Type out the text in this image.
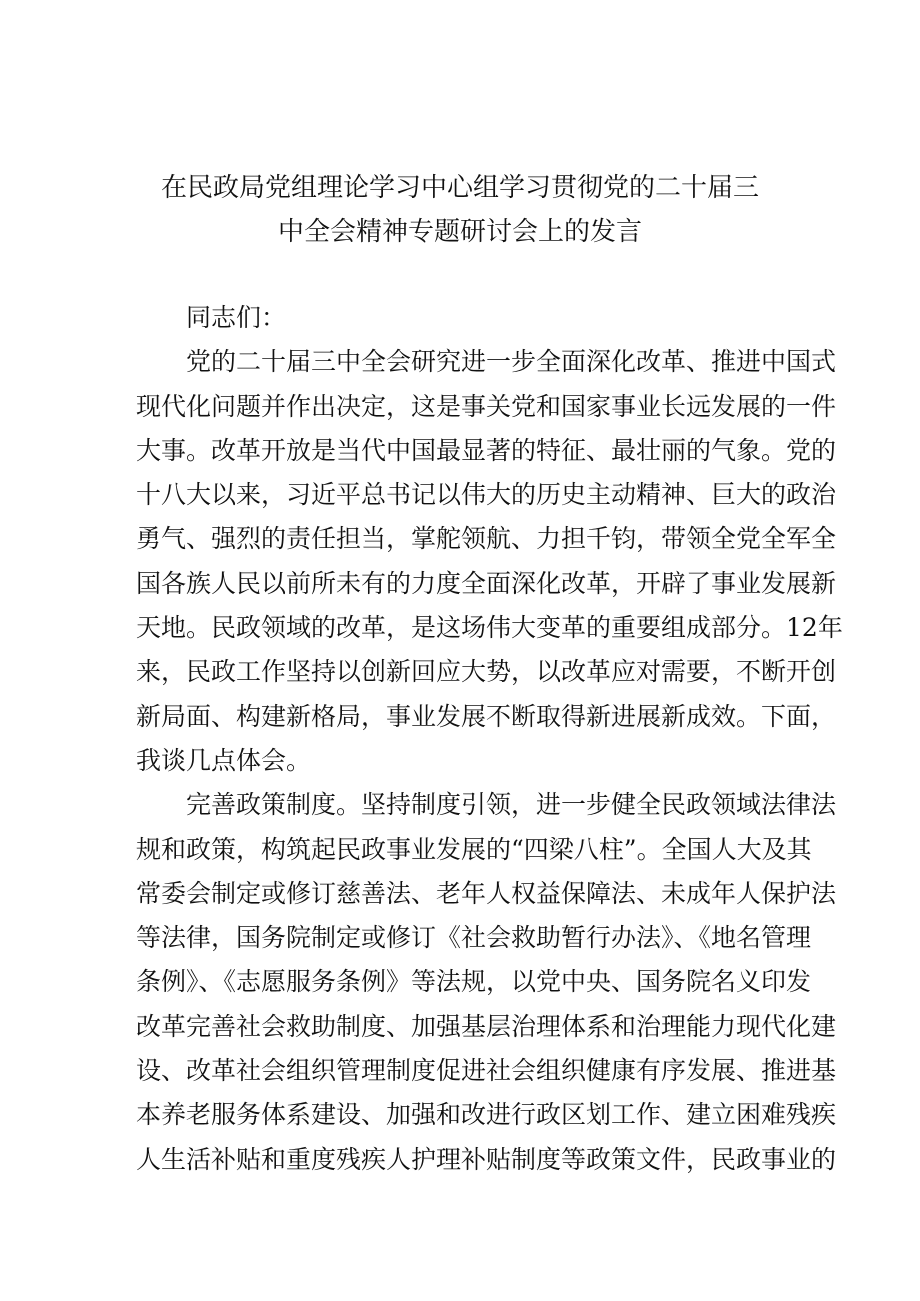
在民政局党组理论学习中心组学习贯彻党的二十届三
中全会精神专题研讨会上的发言
同志们：
党的二十届三中全会研究进一步全面深化改革、推进中国式
现代化问题并作出决定，这是事关党和国家事业长远发展的一件
大事。改革开放是当代中国最显著的特征、最壮丽的气象。党的
十八大以来，习近平总书记以伟大的历史主动精神、巨大的政治
勇气、强烈的责任担当，掌舵领航、力担千钧，带领全党全军全
国各族人民以前所未有的力度全面深化改革，开辟了事业发展新
天地。民政领域的改革，是这场伟大变革的重要组成部分。12年
来，民政工作坚持以创新回应大势，以改革应对需要，不断开创
新局面、构建新格局，事业发展不断取得新进展新成效。下面，
我谈几点体会。
完善政策制度。坚持制度引领，进一步健全民政领域法律法
规和政策，构筑起民政事业发展的“四梁八柱”。全国人大及其
常委会制定或修订慈善法、老年人权益保障法、未成年人保护法
等法律，国务院制定或修订《社会救助暂行办法》、《地名管理
条例》、《志愿服务条例》等法规，以党中央、国务院名义印发
改革完善社会救助制度、加强基层治理体系和治理能力现代化建
设、改革社会组织管理制度促进社会组织健康有序发展、推进基
本养老服务体系建设、加强和改进行政区划工作、建立困难残疾
人生活补贴和重度残疾人护理补贴制度等政策文件，民政事业的
